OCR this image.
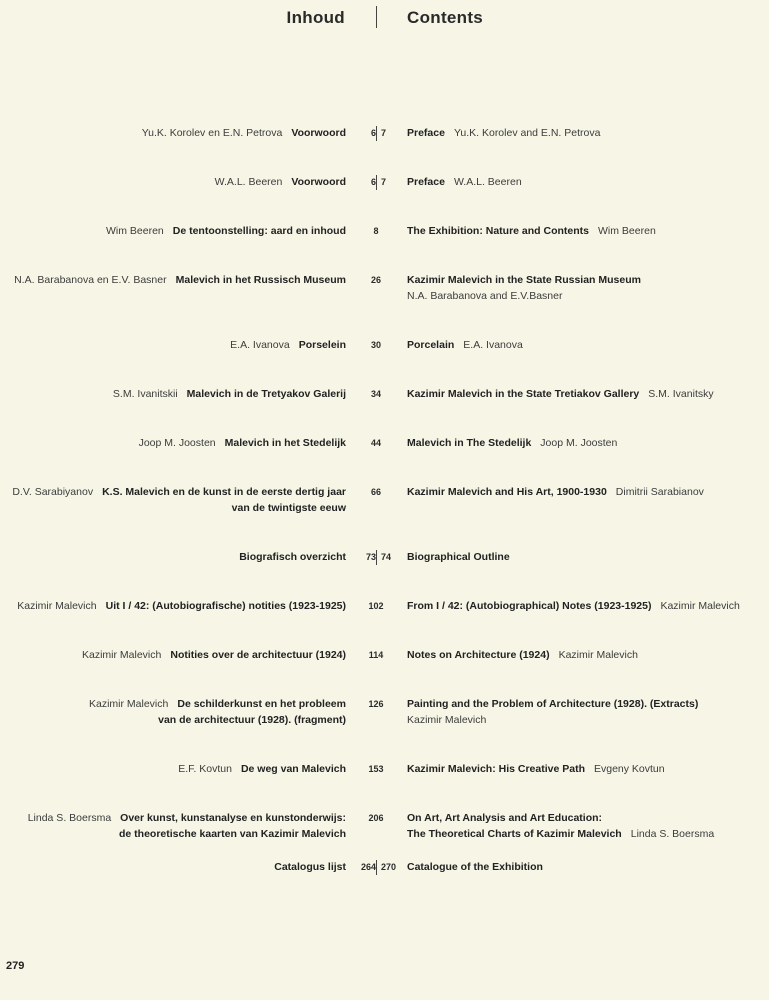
Inhoud	Contents
Yu.K. Korolev en E.N. Petrova Voorwoord	6 7 Preface Yu.K. Korolev and E.N. Petrova
W.A.L. Beeren Voorwoord	6 7 Preface W.A.L. Beeren
Wim Beeren De tentoonstelling: aard en inhoud	8	The Exhibition: Nature and Contents Wim Beeren
N.A. Barabanova en E.V. Basner Malevich in het Russisch Museum	26	Kazimir Malevich in the State Russian Museum
N.A. Barabanova and E.V.Basner
E.A. Ivanova Porselein	30	Porcelain E.A. Ivanova
S.M. Ivanitskii Malevich in de Tretyakov Galerij	34	Kazimir Malevich in the State Tretiakov Gallery S.M. Ivanitsky
Joop M. Joosten Malevich in het Stedelijk	44	Malevich in The Stedelijk Joop M. Joosten
D.V. Sarabiyanov K.S. Malevich en de kunst in de eerste dertig jaar
van de twintigste eeuw
66	Kazimir Malevich and His Art, 1900-1930 Dimitrii Sarabianov
Biografisch overzicht 73 74 Biographical Outline
Kazimir Malevich Uit I / 42: (Autobiografische) notities (1923-1925)	102	From I / 42: (Autobiographical) Notes (1923-1925) Kazimir Malevich
Kazimir Malevich Notities over de architectuur (1924)	114	Notes on Architecture (1924) Kazimir Malevich
Kazimir Malevich De schilderkunst en het probleem
van de architectuur (1928). (fragment)
126	Painting and the Problem of Architecture (1928). (Extracts)
Kazimir Malevich
E.F. Kovtun De weg van Malevich	153	Kazimir Malevich: His Creative Path Evgeny Kovtun
Linda S. Boersma Over kunst, kunstanalyse en kunstonderwijs:
de theoretische kaarten van Kazimir Malevich
206	On Art, Art Analysis and Art Education:
The Theoretical Charts of Kazimir Malevich Linda S. Boersma
Catalogus lijst 264 270 Catalogue of the Exhibition
279
